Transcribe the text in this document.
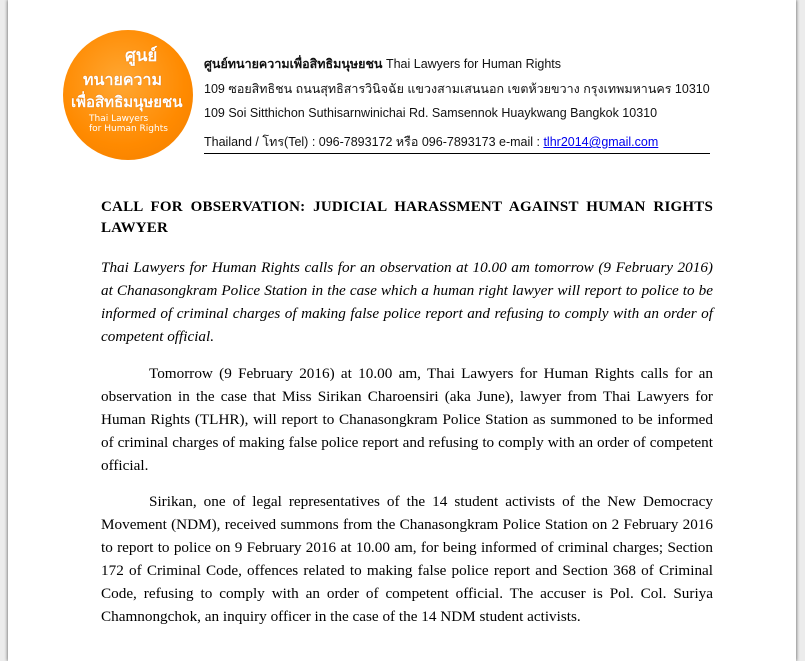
ศูนย์
ทนายความ
เพื่อสิทธิมนุษยชน
Thai Lawyers
for Human Rights
ศูนย์ทนายความเพื่อสิทธิมนุษยชน Thai Lawyers for Human Rights
109 ซอยสิทธิชน ถนนสุทธิสารวินิจฉัย แขวงสามเสนนอก เขตห้วยขวาง กรุงเทพมหานคร 10310
109 Soi Sitthichon Suthisarnwinichai Rd. Samsennok Huaykwang Bangkok 10310
Thailand / โทร(Tel) : 096-7893172 หรือ 096-7893173 e-mail : tlhr2014@gmail.com
CALL FOR OBSERVATION: JUDICIAL HARASSMENT AGAINST HUMAN RIGHTS LAWYER
Thai Lawyers for Human Rights calls for an observation at 10.00 am tomorrow (9 February 2016) at Chanasongkram Police Station in the case which a human right lawyer will report to police to be informed of criminal charges of making false police report and refusing to comply with an order of competent official.
Tomorrow (9 February 2016) at 10.00 am, Thai Lawyers for Human Rights calls for an observation in the case that Miss Sirikan Charoensiri (aka June), lawyer from Thai Lawyers for Human Rights (TLHR), will report to Chanasongkram Police Station as summoned to be informed of criminal charges of making false police report and refusing to comply with an order of competent official.
Sirikan, one of legal representatives of the 14 student activists of the New Democracy Movement (NDM), received summons from the Chanasongkram Police Station on 2 February 2016 to report to police on 9 February 2016 at 10.00 am, for being informed of criminal charges; Section 172 of Criminal Code, offences related to making false police report and Section 368 of Criminal Code, refusing to comply with an order of competent official. The accuser is Pol. Col. Suriya Chamnongchok, an inquiry officer in the case of the 14 NDM student activists.
